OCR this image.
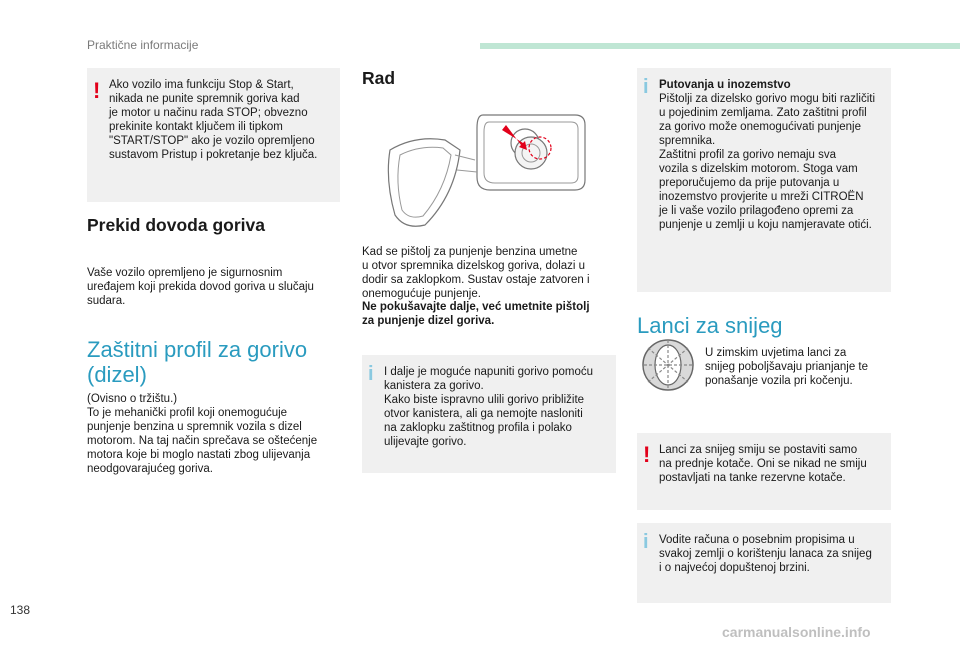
Praktične informacije
! Ako vozilo ima funkciju Stop & Start,
nikada ne punite spremnik goriva kad
je motor u načinu rada STOP; obvezno
prekinite kontakt ključem ili tipkom
"START/STOP" ako je vozilo opremljeno
sustavom Pristup i pokretanje bez ključa.
Prekid dovoda goriva
Vaše vozilo opremljeno je sigurnosnim
uređajem koji prekida dovod goriva u slučaju
sudara.
Zaštitni profil za gorivo
(dizel)
(Ovisno o tržištu.)
To je mehanički profil koji onemogućuje
punjenje benzina u spremnik vozila s dizel
motorom. Na taj način sprečava se oštećenje
motora koje bi moglo nastati zbog ulijevanja
neodgovarajućeg goriva.
Rad
Kad se pištolj za punjenje benzina umetne
u otvor spremnika dizelskog goriva, dolazi u
dodir sa zaklopkom. Sustav ostaje zatvoren i
onemogućuje punjenje.
Ne pokušavajte dalje, već umetnite pištolj
za punjenje dizel goriva.
i I dalje je moguće napuniti gorivo pomoću
kanistera za gorivo.
Kako biste ispravno ulili gorivo približite
otvor kanistera, ali ga nemojte nasloniti
na zaklopku zaštitnog profila i polako
ulijevajte gorivo.
i Putovanja u inozemstvo
Pištolji za dizelsko gorivo mogu biti različiti
u pojedinim zemljama. Zato zaštitni profil
za gorivo može onemogućivati punjenje
spremnika.
Zaštitni profil za gorivo nemaju sva
vozila s dizelskim motorom. Stoga vam
preporučujemo da prije putovanja u
inozemstvo provjerite u mreži CITROËN
je li vaše vozilo prilagođeno opremi za
punjenje u zemlji u koju namjeravate otići.
Lanci za snijeg
U zimskim uvjetima lanci za
snijeg poboljšavaju prianjanje te
ponašanje vozila pri kočenju.
! Lanci za snijeg smiju se postaviti samo
na prednje kotače. Oni se nikad ne smiju
postavljati na tanke rezervne kotače.
i Vodite računa o posebnim propisima u
svakoj zemlji o korištenju lanaca za snijeg
i o najvećoj dopuštenoj brzini.
138
carmanualsonline.info
